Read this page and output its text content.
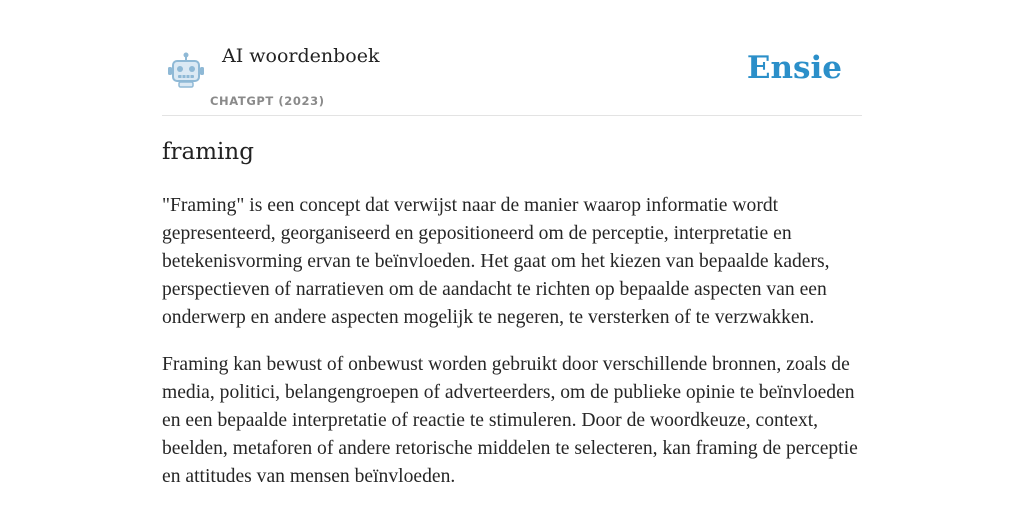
AI woordenboek
CHATGPT (2023)
Ensie
framing

"Framing" is een concept dat verwijst naar de manier waarop informatie wordt gepresenteerd, georganiseerd en gepositioneerd om de perceptie, interpretatie en betekenisvorming ervan te beïnvloeden. Het gaat om het kiezen van bepaalde kaders, perspectieven of narratieven om de aandacht te richten op bepaalde aspecten van een onderwerp en andere aspecten mogelijk te negeren, te versterken of te verzwakken.

Framing kan bewust of onbewust worden gebruikt door verschillende bronnen, zoals de media, politici, belangengroepen of adverteerders, om de publieke opinie te beïnvloeden en een bepaalde interpretatie of reactie te stimuleren. Door de woordkeuze, context, beelden, metaforen of andere retorische middelen te selecteren, kan framing de perceptie en attitudes van mensen beïnvloeden.
